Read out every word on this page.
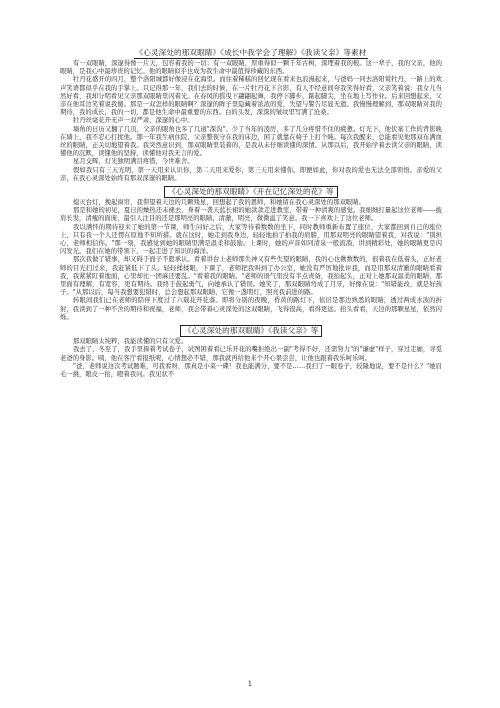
《心灵深处的那双眼睛》《成长中我学会了理解》《我读父亲》等素材

有一双眼睛，深邃得像一片天，包容着我的一切；有一双眼睛，厚重得似一颗千年古树，深埋着我的根。这一辈子，我的父亲，他的眼睛，是我心中最珍贵的记忆。他的眼睛似乎也成为我生命中最值得珍藏的东西。

牡丹花盛开的四月，整个洛阳城都好像浸在花海里。而住着稀糕的回忆现在看来也浪漫起来，与爸妈一同去洛阳赏牡丹，一路上的欢声笑语都似乎在我的手掌上。只记得那一年，我们去的时候，在一片牡丹花下合影，有人不经意间夸我笑得好看，父亲笑着说：我女儿当然好看，我却分明看见父亲那双眼睛里闪着光。在春风的摇曳下翩翩起舞，我停下脚步，踮起脚尖，坐在地上写作业。后来回想起来，父亲在他耳边笑着说我傻。那是一双怎样的眼睛啊？深邃的眸子里隐藏着浓浓的爱，失望与警告尽显无遗。我慢慢理解到，那双眼睛对我的期待，我的成长，我的一切，都是他生命中最重要的东西。白的头发，深深的皱纹里写满了沧桑。

牡丹丝毫花开无声一双严肃、深邃的心中。

墙角的日历又翻了几页，父亲的眼角也多了几道"深沟"。少了当年的凌厉，多了几分疼惜不住的疲惫。灯光下，他伏案工作的背影映在墙上，我不忍心打扰他。那一年我生病住院，父亲整夜守在我的床边，困了就靠在椅子上打个盹。每次我醒来，总能看见他那双布满血丝的眼睛，正关切地望着我。我突然意识到，那双眼睛里装着的，是我从未仔细读懂的深情。从那以后，我开始学着去读父亲的眼睛，读懂他的沉默，读懂他的坚持，读懂他对我无言的爱。

星月交辉，灯光独明满目疼惜，今世难舍。

假如我只有三天光明，第一天用来认识你，第二天用来爱你，第三天用来懂你。即便如此，你对我的爱也无法全部领悟。亲爱的父亲，在我心灵深处始终有那双深邃的眼睛。

《心灵深处的那双眼睛》《开在记忆深处的花》等

熄灭台灯，挽起窗帘，我仰望着天边的几颗残星，回想起了我的恩师，和她留在我心灵深处的那双眼睛。

那是和她的初见，夏日的燥热还未褪去，身着一袭天蓝长裙的她款款走进教室，带着一种清爽的感觉。我细细打量起这位老师——披肩长发，清瘦的面庞，最引人注目的还是那明亮的眼睛，清澈，明亮，微微溢了笑意。我一下喜欢上了这位老师。

我以满怀的期待迎来了她的第一节课，师生问好之后，大家等待着数数的坐下，同时教师重新布置了座位，大家都回到自己的座位上，只有我一个人还愣在原地不知所措。就在这时，她走到我身边，轻轻地拍了拍我的肩膀，用那双明亮的眼睛望着我，对我说："别担心，老师相信你。"那一刻，我感觉到她的眼睛里满是温柔和鼓励。上课时，她的声音如同清泉一般流淌，讲到精彩处，她的眼睛更是闪闪发光。我们在她的带领下，一起走进了知识的海洋。

那次我做了错事，却又碍于面子不愿承认。看着讲台上老师那失神又有些失望的眼睛，我的心也揪数数的，很着我在低着头，正好老师的目光扫过来，我赶紧低下了头。轻轻揉揉眼，下课了，老师把我叫到了办公室，她没有严厉地批评我，而是用那双清澈的眼睛看着我，我紧紧盯着地面，心里却比一团麻还要乱。"看着我的眼睛。"老师的语气里没有半点责备，我抬起头，正对上她那双温柔的眼睛，那里面有理解，有宽容，更有期待。我终于鼓起勇气，向她承认了错误。她笑了，那双眼睛弯成了月牙，好像在说："知错能改，就是好孩子。"从那以后，每当我想要犯错时，总会想起那双眼睛，它像一盏明灯，照亮我前进的路。

转眼间我们已在老师的陪伴下度过了六载花开花落。即将分别的夜晚，昏黄的路灯下，依旧是那边熟悉的眼睛，透过两成水波的折射，我读到了一种不舍的期待和祝福，老师，我会带着心灵深处的这双眼睛，飞得很高，看得更远。抬头看看，天边的那颗星星，依然闪烁。

《心灵深处的那双眼睛》《我读父亲》等

那双眼睛太纯粹，我能读懂的只有父爱。

我去了，冬至了，我手里捧着考试卷子，试图困着看已乐开花的嘴拒绝出一副"考得不好，还需努力"的"谦虚"样子，穿过走廊，寻觅老爸的身影。咦，他在客厅看报纸呢，心情想必不错，那我就再给他来个开心果尝尝，让他也跟着我乐呵乐呵。

"爸，老师说这次考试题难，可我看呀，那真是小菜一碟！我也能满分，要不是……我扫了一眼卷子，较隆地说，要不是什么？"她眉毛一挑，眼皮一抬，瞪着我问。我见状不

1
